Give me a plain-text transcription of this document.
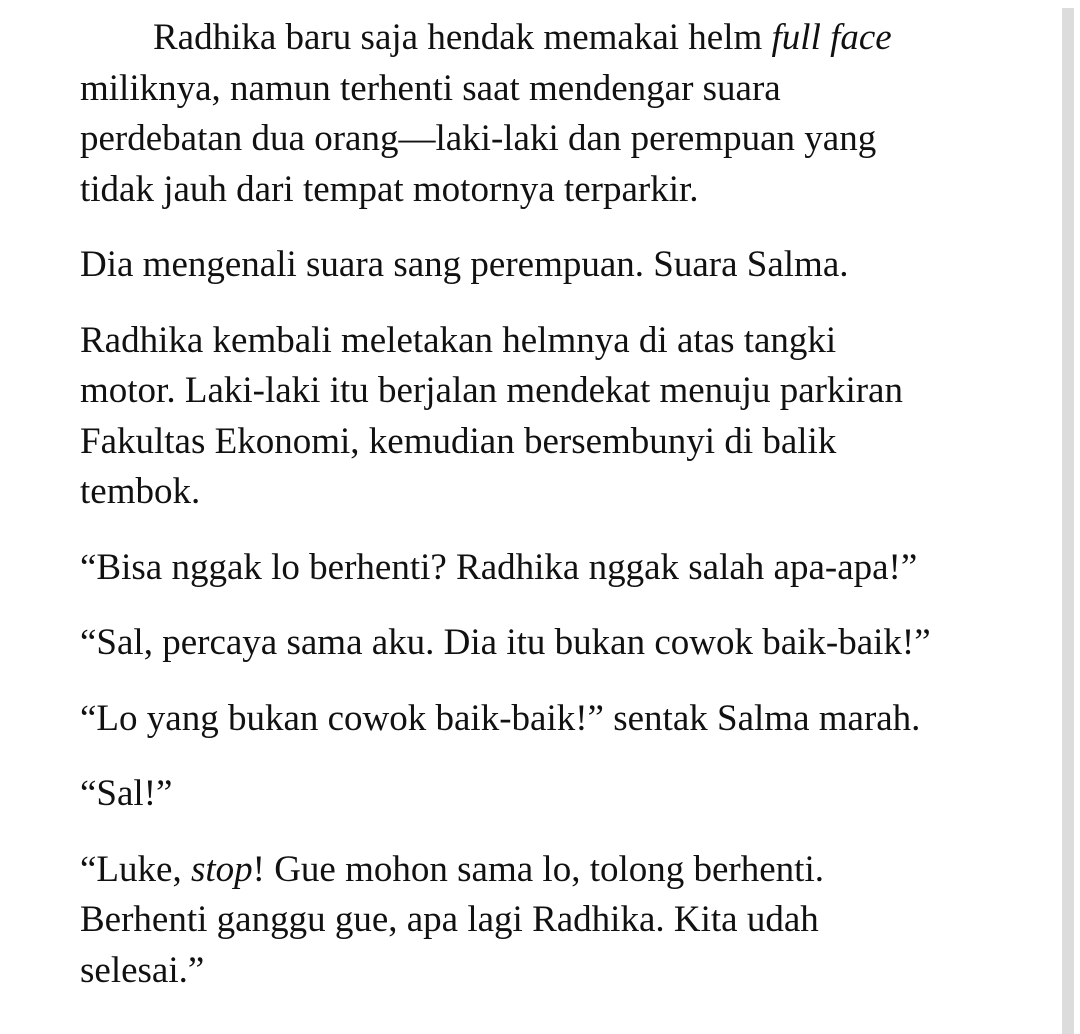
Radhika baru saja hendak memakai helm full face
miliknya, namun terhenti saat mendengar suara
perdebatan dua orang—laki-laki dan perempuan yang
tidak jauh dari tempat motornya terparkir.

Dia mengenali suara sang perempuan. Suara Salma.

Radhika kembali meletakan helmnya di atas tangki
motor. Laki-laki itu berjalan mendekat menuju parkiran
Fakultas Ekonomi, kemudian bersembunyi di balik
tembok.

“Bisa nggak lo berhenti? Radhika nggak salah apa-apa!”

“Sal, percaya sama aku. Dia itu bukan cowok baik-baik!”

“Lo yang bukan cowok baik-baik!” sentak Salma marah.

“Sal!”

“Luke, stop! Gue mohon sama lo, tolong berhenti.
Berhenti ganggu gue, apa lagi Radhika. Kita udah
selesai.”
